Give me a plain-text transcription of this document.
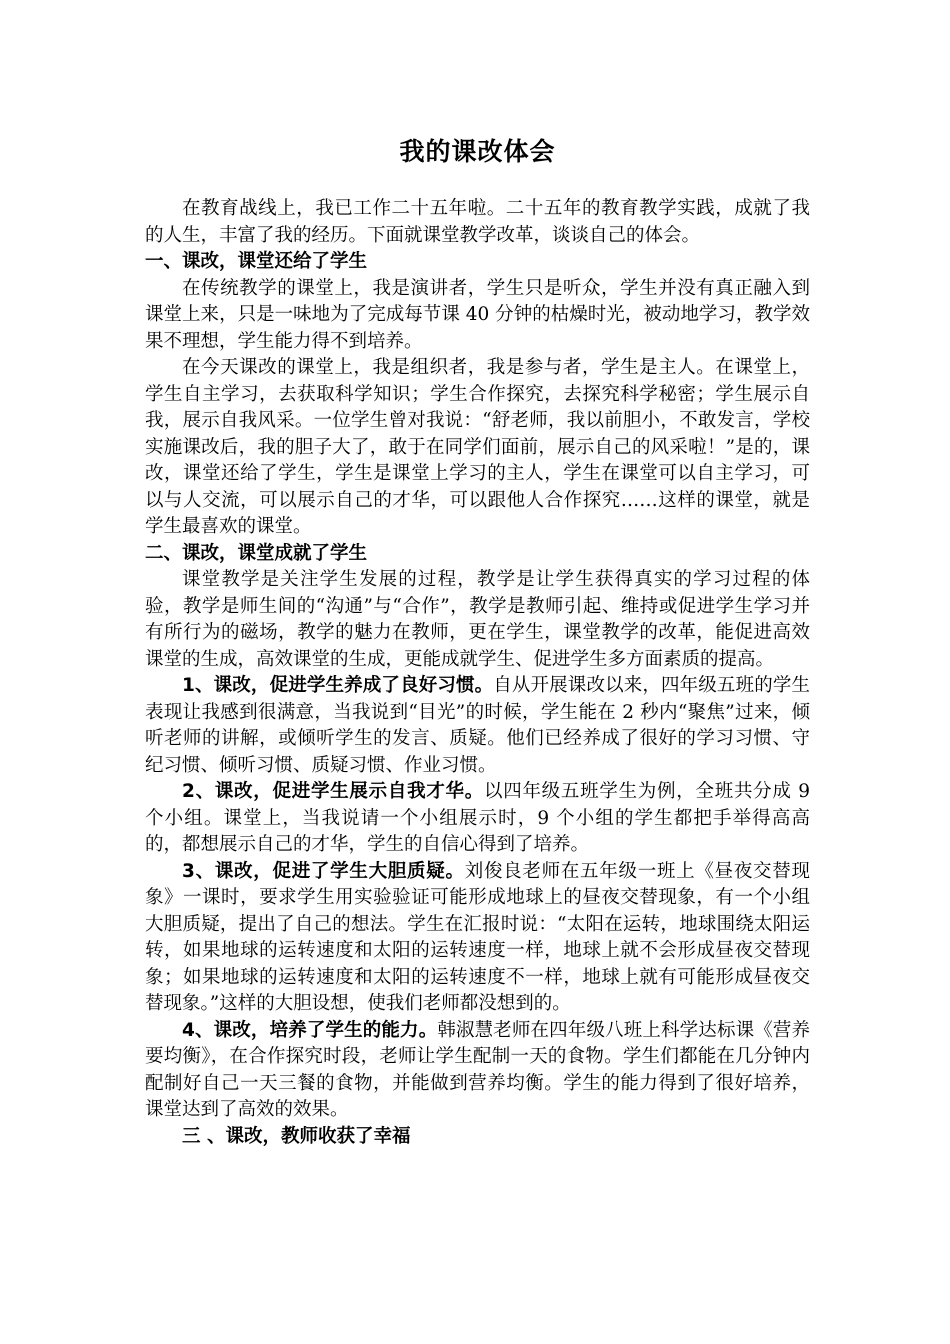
我的课改体会

在教育战线上，我已工作二十五年啦。二十五年的教育教学实践，成就了我的人生，丰富了我的经历。下面就课堂教学改革，谈谈自己的体会。

一、课改，课堂还给了学生

在传统教学的课堂上，我是演讲者，学生只是听众，学生并没有真正融入到课堂上来，只是一味地为了完成每节课 40 分钟的枯燥时光，被动地学习，教学效果不理想，学生能力得不到培养。

在今天课改的课堂上，我是组织者，我是参与者，学生是主人。在课堂上，学生自主学习，去获取科学知识；学生合作探究，去探究科学秘密；学生展示自我，展示自我风采。一位学生曾对我说：“舒老师，我以前胆小，不敢发言，学校实施课改后，我的胆子大了，敢于在同学们面前，展示自己的风采啦！”是的，课改，课堂还给了学生，学生是课堂上学习的主人，学生在课堂可以自主学习，可以与人交流，可以展示自己的才华，可以跟他人合作探究……这样的课堂，就是学生最喜欢的课堂。

二、课改，课堂成就了学生

课堂教学是关注学生发展的过程，教学是让学生获得真实的学习过程的体验，教学是师生间的“沟通”与“合作”，教学是教师引起、维持或促进学生学习并有所行为的磁场，教学的魅力在教师，更在学生，课堂教学的改革，能促进高效课堂的生成，高效课堂的生成，更能成就学生、促进学生多方面素质的提高。

1、课改，促进学生养成了良好习惯。自从开展课改以来，四年级五班的学生表现让我感到很满意，当我说到“目光”的时候，学生能在 2 秒内“聚焦”过来，倾听老师的讲解，或倾听学生的发言、质疑。他们已经养成了很好的学习习惯、守纪习惯、倾听习惯、质疑习惯、作业习惯。

2、课改，促进学生展示自我才华。以四年级五班学生为例，全班共分成 9 个小组。课堂上，当我说请一个小组展示时，9 个小组的学生都把手举得高高的，都想展示自己的才华，学生的自信心得到了培养。

3、课改，促进了学生大胆质疑。刘俊良老师在五年级一班上《昼夜交替现象》一课时，要求学生用实验验证可能形成地球上的昼夜交替现象，有一个小组大胆质疑，提出了自己的想法。学生在汇报时说：“太阳在运转，地球围绕太阳运转，如果地球的运转速度和太阳的运转速度一样，地球上就不会形成昼夜交替现象；如果地球的运转速度和太阳的运转速度不一样，地球上就有可能形成昼夜交替现象。”这样的大胆设想，使我们老师都没想到的。

4、课改，培养了学生的能力。韩淑慧老师在四年级八班上科学达标课《营养要均衡》，在合作探究时段，老师让学生配制一天的食物。学生们都能在几分钟内配制好自己一天三餐的食物，并能做到营养均衡。学生的能力得到了很好培养，课堂达到了高效的效果。

三 、课改，教师收获了幸福
